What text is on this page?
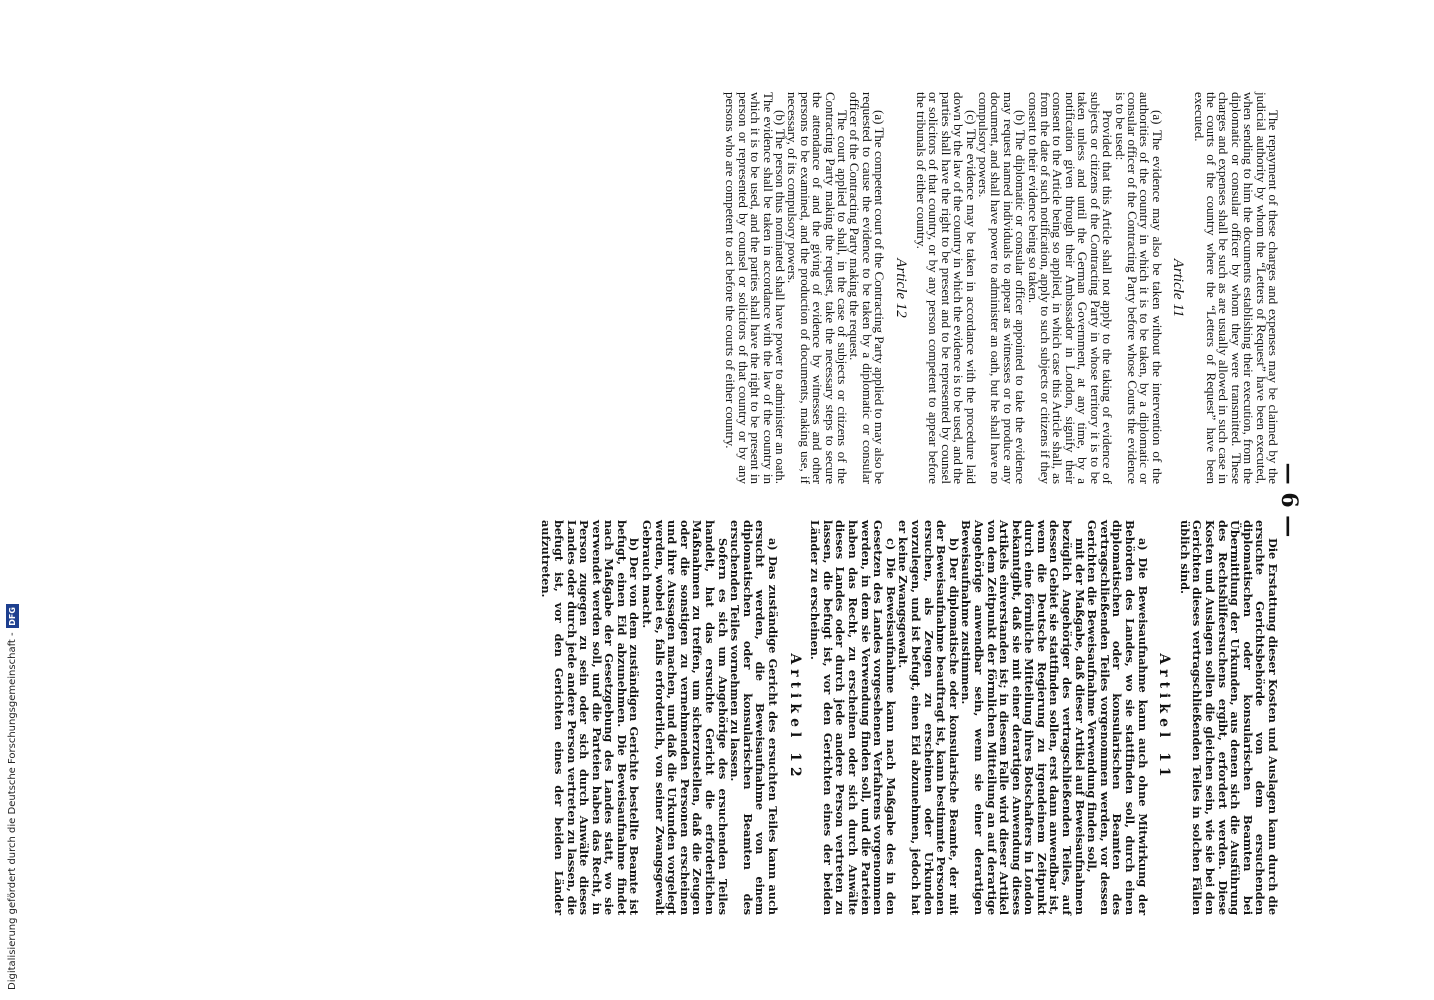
— 6 —

Die Erstattung dieser Kosten und Auslagen kann durch die ersuchte Gerichtsbehörde von dem ersuchenden diplomatischen oder konsularischen Beamten bei Übermittlung der Urkunden, aus denen sich die Ausführung des Rechtshilfeersuchens ergibt, erfordert werden. Diese Kosten und Auslagen sollen die gleichen sein, wie sie bei den Gerichten dieses vertragschließenden Teiles in solchen Fällen üblich sind.

Artikel 11

a) Die Beweisaufnahme kann auch ohne Mitwirkung der Behörden des Landes, wo sie stattfinden soll, durch einen diplomatischen oder konsularischen Beamten des vertragschließenden Teiles vorgenommen werden, vor dessen Gerichten die Beweisaufnahme Verwendung finden soll,

mit der Maßgabe, daß dieser Artikel auf Beweisaufnahmen bezüglich Angehöriger des vertragschließenden Teiles, auf dessen Gebiet sie stattfinden sollen, erst dann anwendbar ist, wenn die Deutsche Regierung zu irgendeinem Zeitpunkt durch eine förmliche Mitteilung ihres Botschafters in London bekanntgibt, daß sie mit einer derartigen Anwendung dieses Artikels einverstanden ist; in diesem Falle wird dieser Artikel von dem Zeitpunkt der förmlichen Mitteilung an auf derartige Angehörige anwendbar sein, wenn sie einer derartigen Beweisaufnahme zustimmen.

b) Der diplomatische oder konsularische Beamte, der mit der Beweisaufnahme beauftragt ist, kann bestimmte Personen ersuchen, als Zeugen zu erscheinen oder Urkunden vorzulegen, und ist befugt, einen Eid abzunehmen, jedoch hat er keine Zwangsgewalt.

c) Die Beweisaufnahme kann nach Maßgabe des in den Gesetzen des Landes vorgesehenen Verfahrens vorgenommen werden, in dem sie Verwendung finden soll, und die Parteien haben das Recht, zu erscheinen oder sich durch Anwälte dieses Landes oder durch jede andere Person vertreten zu lassen, die befugt ist, vor den Gerichten eines der beiden Länder zu erscheinen.

Artikel 12

a) Das zuständige Gericht des ersuchten Teiles kann auch ersucht werden, die Beweisaufnahme von einem diplomatischen oder konsularischen Beamten des ersuchenden Teiles vornehmen zu lassen.

Sofern es sich um Angehörige des ersuchenden Teiles handelt, hat das ersuchte Gericht die erforderlichen Maßnahmen zu treffen, um sicherzustellen, daß die Zeugen oder die sonstigen zu vernehmenden Personen erscheinen und ihre Aussagen machen, und daß die Urkunden vorgelegt werden, wobei es, falls erforderlich, von seiner Zwangsgewalt Gebrauch macht.

b) Der von dem zuständigen Gerichte bestellte Beamte ist befugt, einen Eid abzunehmen. Die Beweisaufnahme findet nach Maßgabe der Gesetzgebung des Landes statt, wo sie verwendet werden soll, und die Parteien haben das Recht, in Person zugegen zu sein oder sich durch Anwälte dieses Landes oder durch jede andere Person vertreten zu lassen, die befugt ist, vor den Gerichten eines der beiden Länder aufzutreten.

The repayment of these charges and expenses may be claimed by the judicial authority by whom the “Letters of Request” have been executed, when sending to him the documents establishing their execution, from the diplomatic or consular officer by whom they were transmitted. These charges and expenses shall be such as are usually allowed in such case in the courts of the country where the “Letters of Request” have been executed.

Article 11

(a) The evidence may also be taken without the intervention of the authorities of the country in which it is to be taken, by a diplomatic or consular officer of the Contracting Party before whose Courts the evidence is to be used:

Provided that this Article shall not apply to the taking of evidence of subjects or citizens of the Contracting Party in whose territory it is to be taken unless and until the German Government, at any time, by a notification given through their Ambassador in London, signify their consent to the Article being so applied, in which case this Article shall, as from the date of such notification, apply to such subjects or citizens if they consent to their evidence being so taken.

(b) The diplomatic or consular officer appointed to take the evidence may request named individuals to appear as witnesses or to produce any document, and shall have power to administer an oath, but he shall have no compulsory powers.

(c) The evidence may be taken in accordance with the procedure laid down by the law of the country in which the evidence is to be used, and the parties shall have the right to be present and to be represented by counsel or solicitors of that country, or by any person competent to appear before the tribunals of either country.

Article 12

(a) The competent court of the Contracting Party applied to may also be requested to cause the evidence to be taken by a diplomatic or consular officer of the Contracting Party making the request.

The court applied to shall, in the case of subjects or citizens of the Contracting Party making the request, take the necessary steps to secure the attendance of and the giving of evidence by witnesses and other persons to be examined, and the production of documents, making use, if necessary, of its compulsory powers.

(b) The person thus nominated shall have power to administer an oath. The evidence shall be taken in accordance with the law of the country in which it is to be used, and the parties shall have the right to be present in person or represented by counsel or solicitors of that country or by any persons who are competent to act before the courts of either country.

Digitalisierung gefördert durch die Deutsche Forschungsgemeinschaft -
DFG
